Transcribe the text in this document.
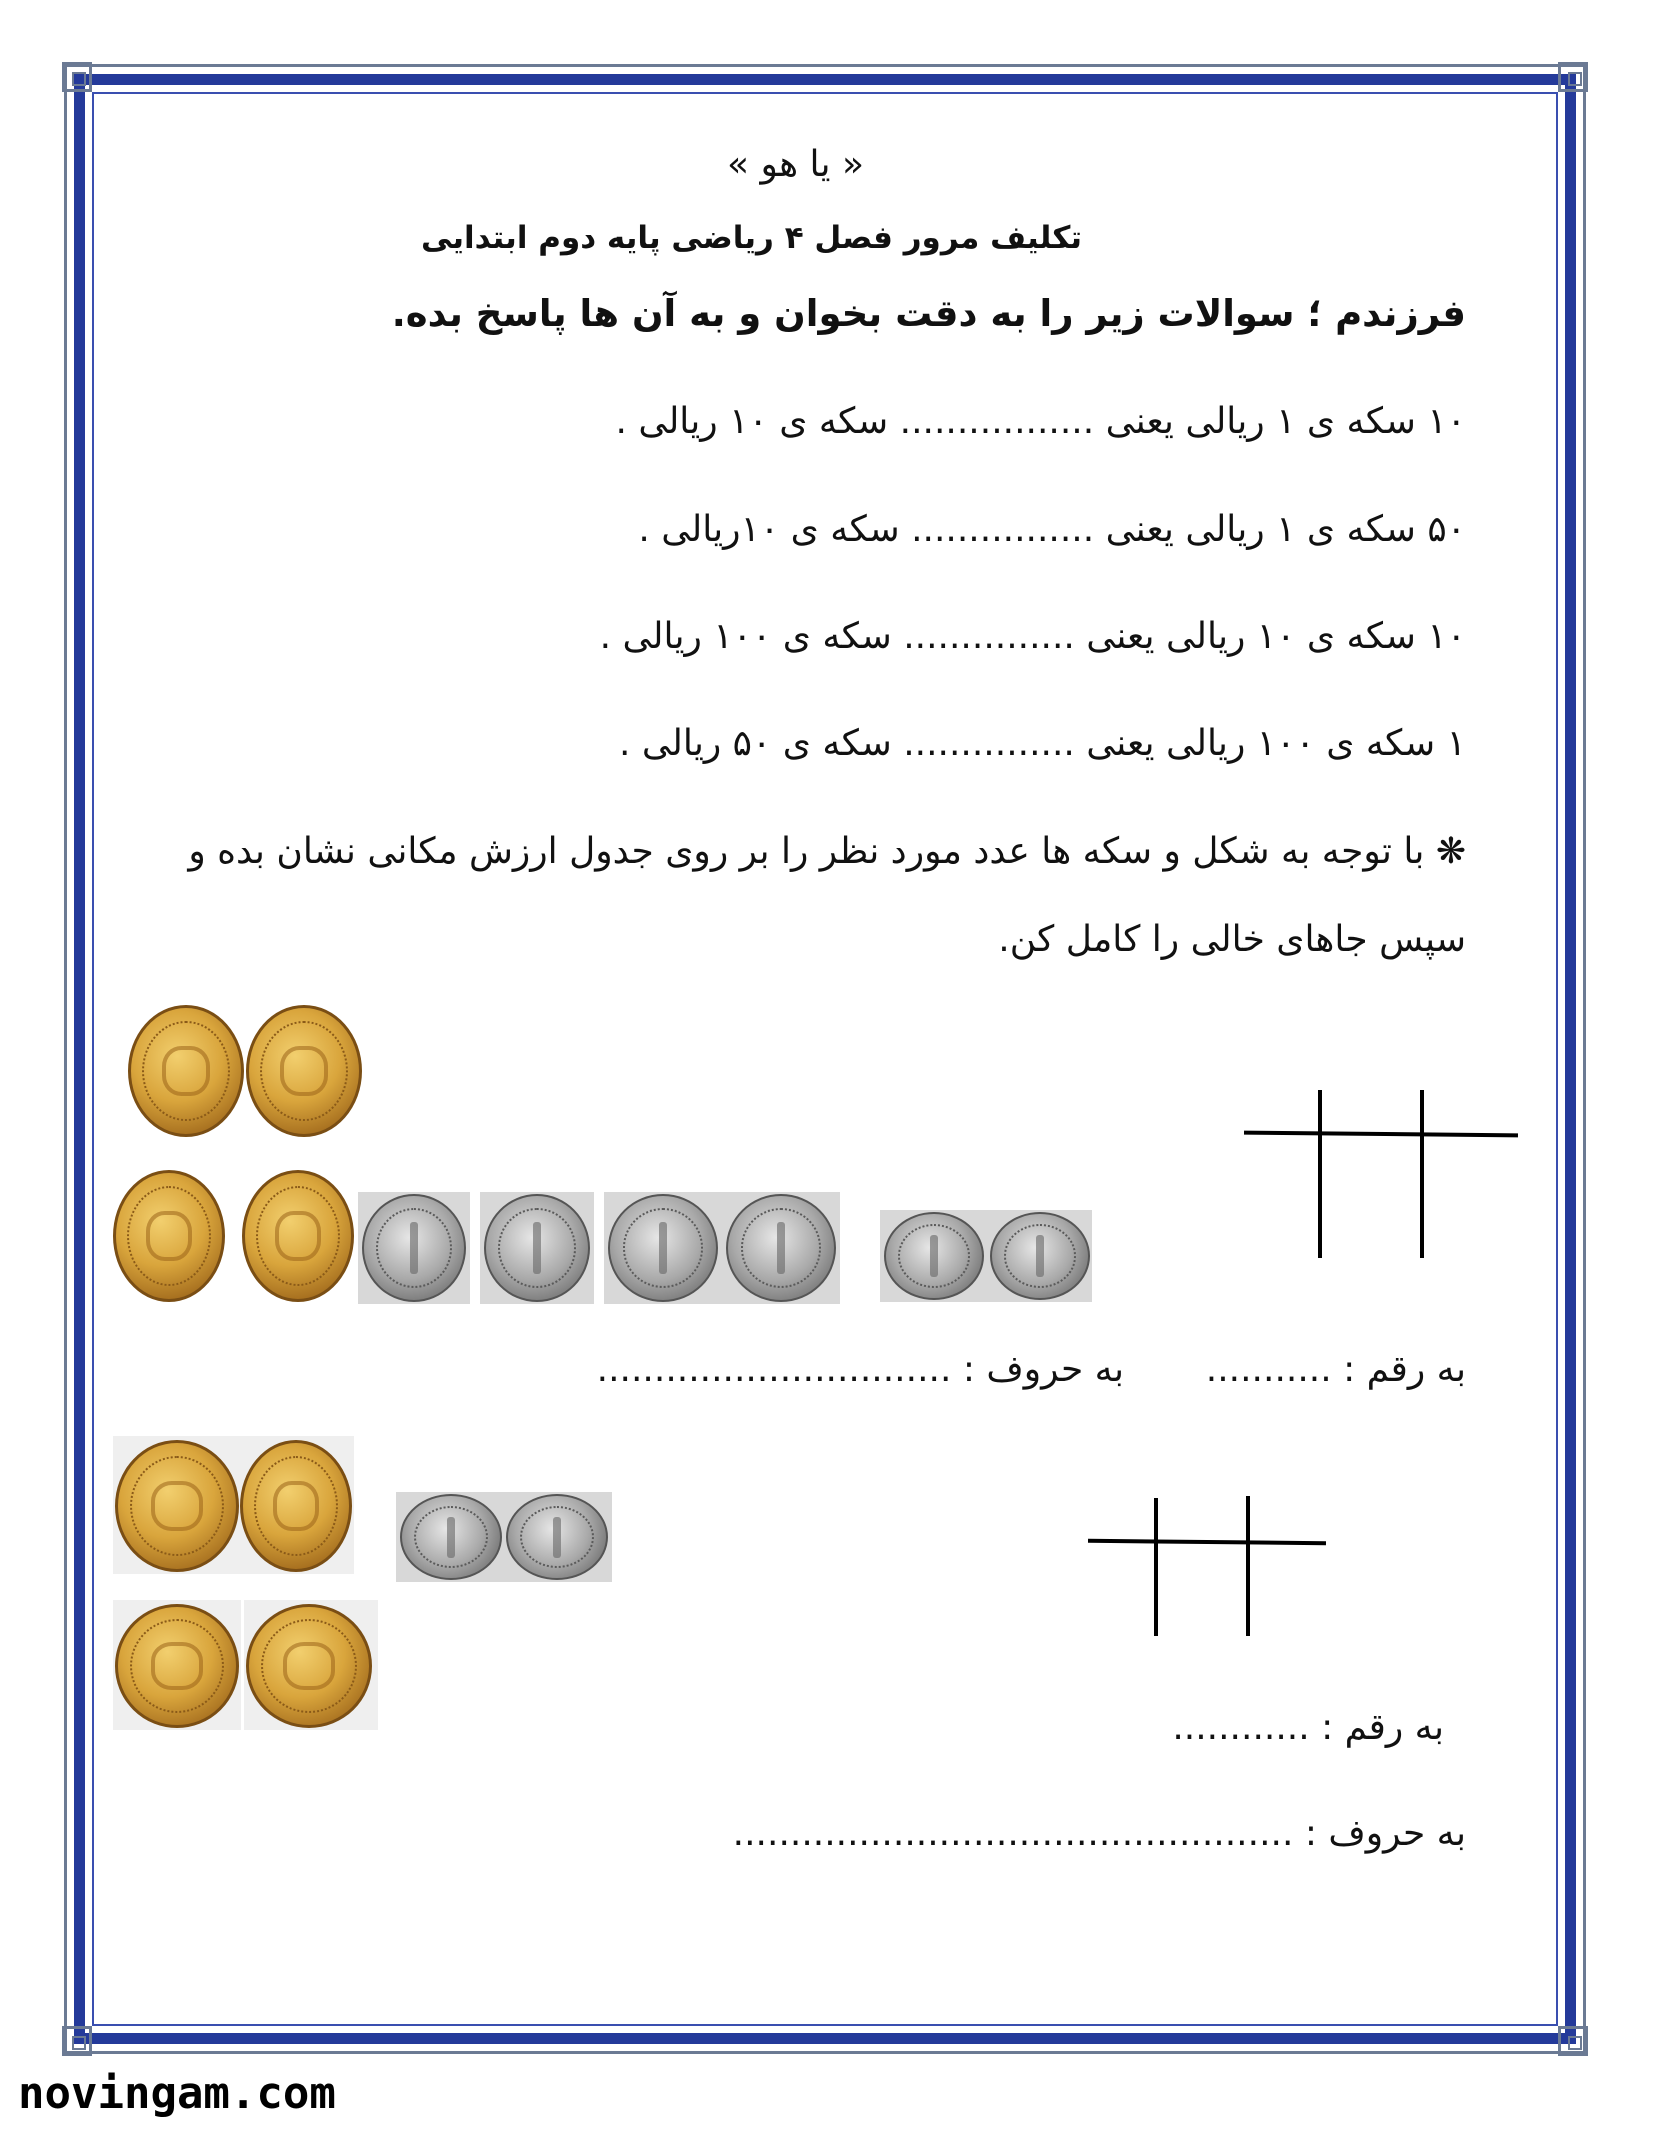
« یا هو »
تکلیف مرور فصل ۴ ریاضی پایه دوم ابتدایی
فرزندم ؛ سوالات زیر را به دقت بخوان و به آن ها پاسخ بده.
۱۰ سکه ی ۱ ریالی یعنی ................. سکه ی ۱۰ ریالی .
۵۰ سکه ی ۱ ریالی یعنی ................ سکه ی ۱۰ریالی .
۱۰ سکه ی ۱۰ ریالی یعنی ............... سکه ی ۱۰۰ ریالی .
۱ سکه ی ۱۰۰ ریالی یعنی ............... سکه ی ۵۰ ریالی .
❋ با توجه به شکل و سکه ها عدد مورد نظر را بر روی جدول ارزش مکانی نشان بده و
سپس جاهای خالی را کامل کن.
به رقم : ...........
به حروف : ...............................
به رقم : ............
به حروف : .................................................
novingam.com
